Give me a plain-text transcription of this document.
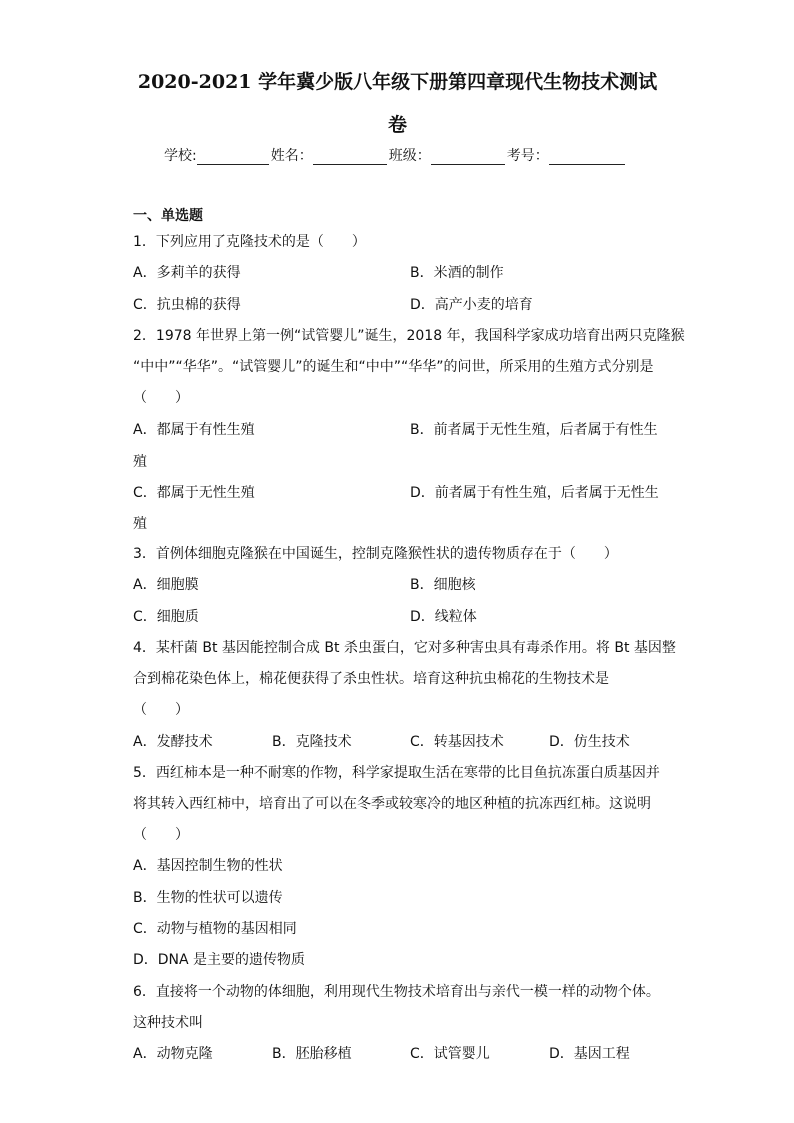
2020-2021 学年冀少版八年级下册第四章现代生物技术测试
卷
学校:	姓名：	班级：	考号：
一、单选题
1．下列应用了克隆技术的是（　　）
A．多莉羊的获得	B．米酒的制作
C．抗虫棉的获得	D．高产小麦的培育
2．1978 年世界上第一例“试管婴儿”诞生，2018 年，我国科学家成功培育出两只克隆猴
“中中”“华华”。“试管婴儿”的诞生和“中中”“华华”的问世，所采用的生殖方式分别是
（　　）
A．都属于有性生殖	B．前者属于无性生殖，后者属于有性生
殖
C．都属于无性生殖	D．前者属于有性生殖，后者属于无性生
殖
3．首例体细胞克隆猴在中国诞生，控制克隆猴性状的遗传物质存在于（　　）
A．细胞膜	B．细胞核
C．细胞质	D．线粒体
4．某杆菌 Bt 基因能控制合成 Bt 杀虫蛋白，它对多种害虫具有毒杀作用。将 Bt 基因整
合到棉花染色体上，棉花便获得了杀虫性状。培育这种抗虫棉花的生物技术是
（　　）
A．发酵技术	B．克隆技术	C．转基因技术	D．仿生技术
5．西红柿本是一种不耐寒的作物，科学家提取生活在寒带的比目鱼抗冻蛋白质基因并
将其转入西红柿中，培育出了可以在冬季或较寒冷的地区种植的抗冻西红柿。这说明
（　　）
A．基因控制生物的性状
B．生物的性状可以遗传
C．动物与植物的基因相同
D．DNA 是主要的遗传物质
6．直接将一个动物的体细胞，利用现代生物技术培育出与亲代一模一样的动物个体。
这种技术叫
A．动物克隆	B．胚胎移植	C．试管婴儿	D．基因工程
